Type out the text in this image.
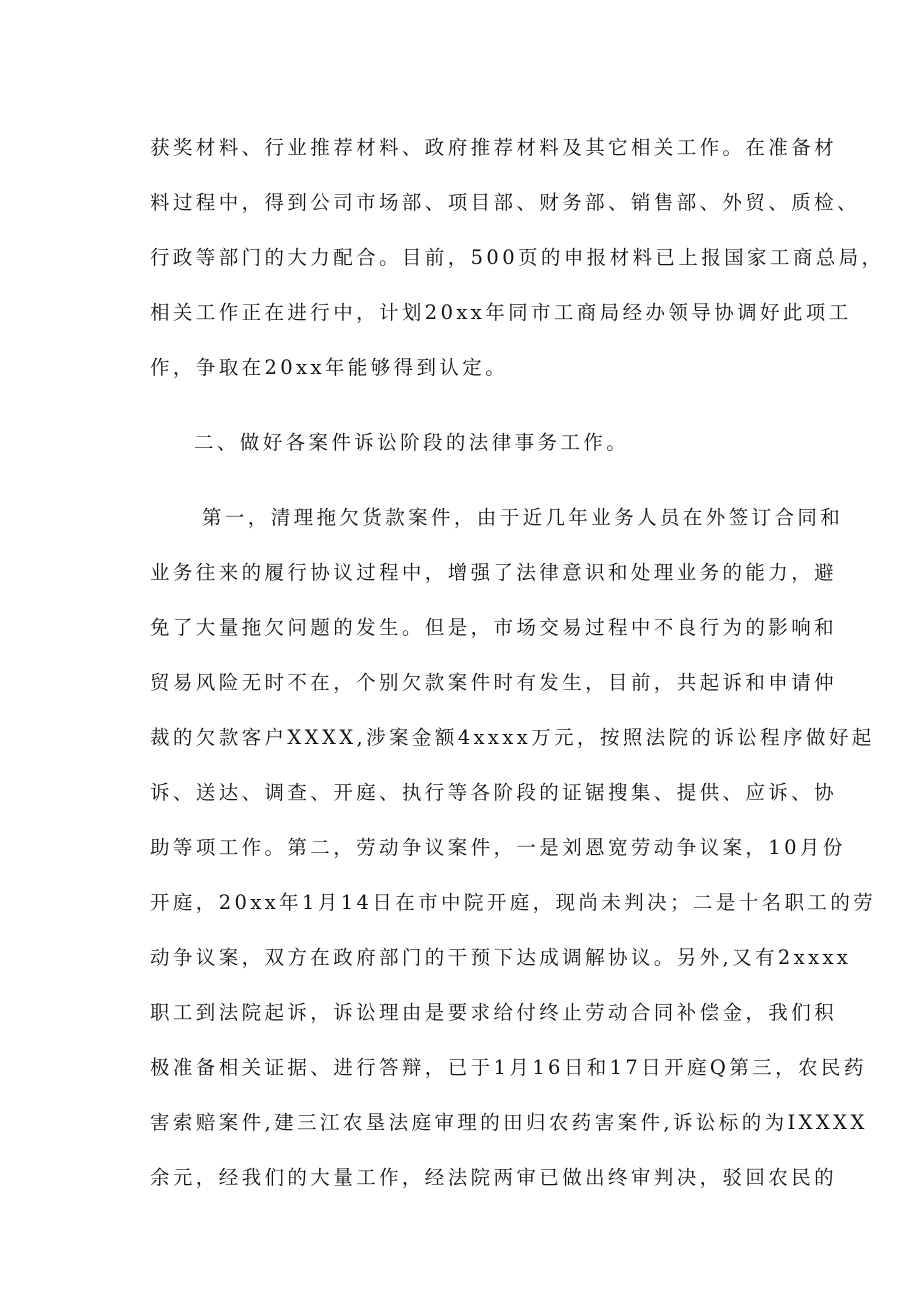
获奖材料、行业推荐材料、政府推荐材料及其它相关工作。在准备材
料过程中，得到公司市场部、项目部、财务部、销售部、外贸、质检、
行政等部门的大力配合。目前，500页的申报材料已上报国家工商总局，
相关工作正在进行中，计划20xx年同市工商局经办领导协调好此项工
作，争取在20xx年能够得到认定。
二、做好各案件诉讼阶段的法律事务工作。
第一，清理拖欠货款案件，由于近几年业务人员在外签订合同和
业务往来的履行协议过程中，增强了法律意识和处理业务的能力，避
免了大量拖欠问题的发生。但是，市场交易过程中不良行为的影响和
贸易风险无时不在，个别欠款案件时有发生，目前，共起诉和申请仲
裁的欠款客户XXXX,涉案金额4xxxx万元，按照法院的诉讼程序做好起
诉、送达、调查、开庭、执行等各阶段的证锯搜集、提供、应诉、协
助等项工作。第二，劳动争议案件，一是刘恩宽劳动争议案，10月份
开庭，20xx年1月14日在市中院开庭，现尚未判决；二是十名职工的劳
动争议案，双方在政府部门的干预下达成调解协议。另外,又有2xxxx
职工到法院起诉，诉讼理由是要求给付终止劳动合同补偿金，我们积
极准备相关证据、进行答辩，已于1月16日和17日开庭Q第三，农民药
害索赔案件,建三江农垦法庭审理的田归农药害案件,诉讼标的为IXXXX
余元，经我们的大量工作，经法院两审已做出终审判决，驳回农民的
